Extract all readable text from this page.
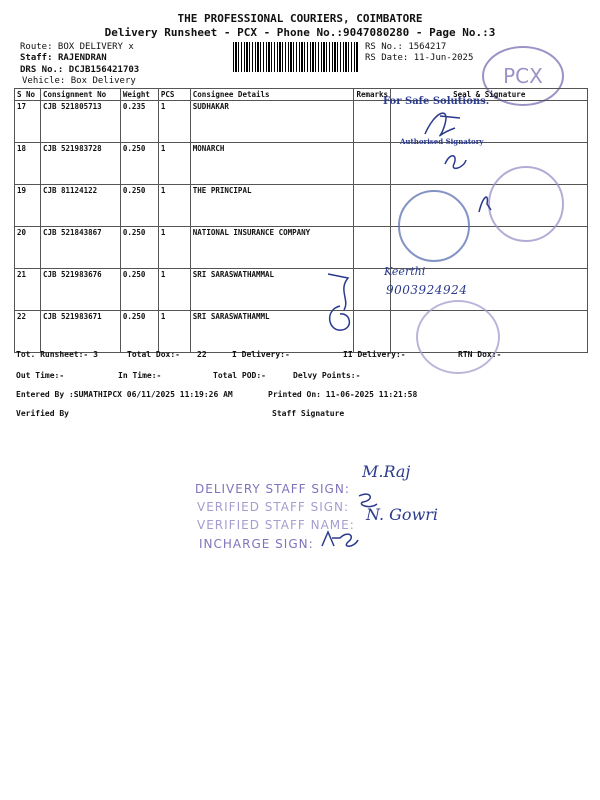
THE PROFESSIONAL COURIERS, COIMBATORE
Delivery Runsheet - PCX - Phone No.:9047080280 - Page No.:3
Route: BOX DELIVERY x
Staff: RAJENDRAN
DRS No.: DCJB156421703
Vehicle: Box Delivery
RS No.: 1564217
RS Date: 11-Jun-2025
PCX
S No	Consignment No	Weight	PCS	Consignee Details	Remarks	Seal & Signature
17	CJB 521805713	0.235	1	SUDHAKAR		
18	CJB 521983728	0.250	1	MONARCH		
19	CJB 81124122	0.250	1	THE PRINCIPAL		
20	CJB 521843867	0.250	1	NATIONAL INSURANCE COMPANY		
21	CJB 521983676	0.250	1	SRI SARASWATHAMMAL		
22	CJB 521983671	0.250	1	SRI SARASWATHAMML		
For Safe Solutions.
Authorised Signatory
Keerthi
9003924924
Tot. Runsheet:- 3	Total Dox:- 22	I Delivery:-	II Delivery:-	RTN Dox:-
Out Time:-	In Time:-	Total POD:-	Delvy Points:-
Entered By :SUMATHIPCX 06/11/2025 11:19:26 AM	Printed On: 11-06-2025 11:21:58
Verified By	Staff Signature
DELIVERY STAFF SIGN:
VERIFIED STAFF SIGN:
VERIFIED STAFF NAME:
INCHARGE SIGN:
M.Raj
N. Gowri
